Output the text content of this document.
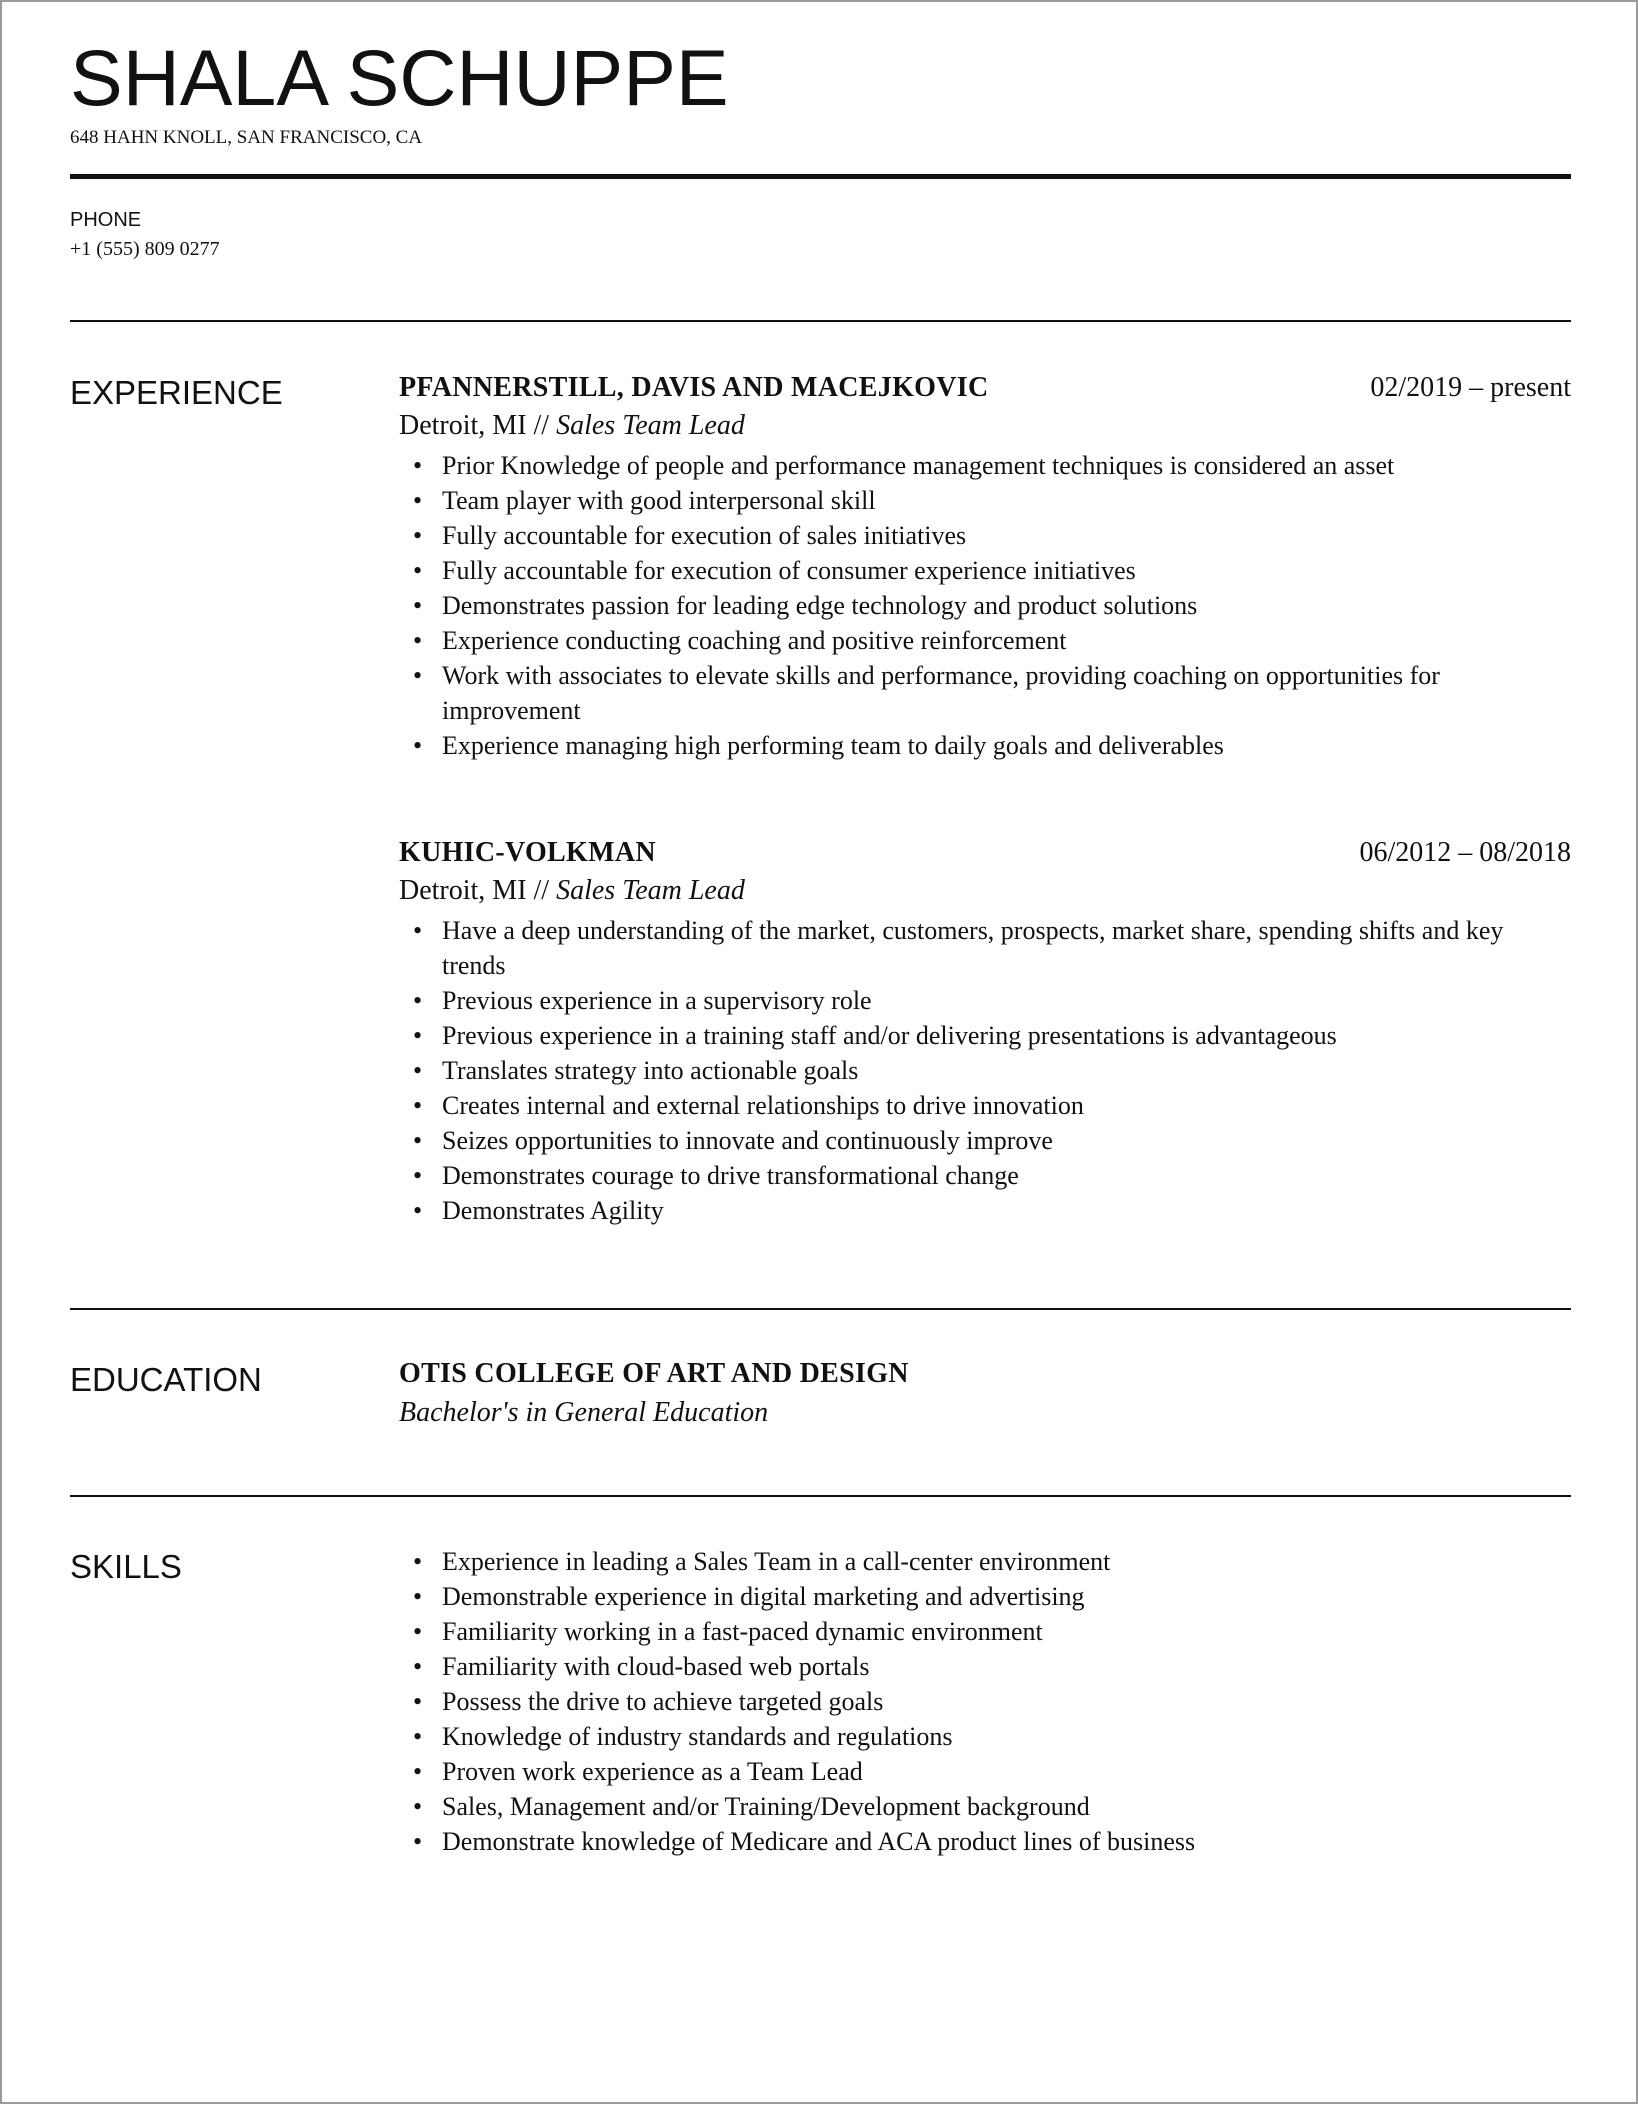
SHALA SCHUPPE
648 HAHN KNOLL, SAN FRANCISCO, CA
PHONE
+1 (555) 809 0277
EXPERIENCE	PFANNERSTILL, DAVIS AND MACEJKOVIC	02/2019 – present
Detroit, MI // Sales Team Lead
• Prior Knowledge of people and performance management techniques is considered an asset
• Team player with good interpersonal skill
• Fully accountable for execution of sales initiatives
• Fully accountable for execution of consumer experience initiatives
• Demonstrates passion for leading edge technology and product solutions
• Experience conducting coaching and positive reinforcement
• Work with associates to elevate skills and performance, providing coaching on opportunities for improvement
• Experience managing high performing team to daily goals and deliverables
KUHIC-VOLKMAN	06/2012 – 08/2018
Detroit, MI // Sales Team Lead
• Have a deep understanding of the market, customers, prospects, market share, spending shifts and key trends
• Previous experience in a supervisory role
• Previous experience in a training staff and/or delivering presentations is advantageous
• Translates strategy into actionable goals
• Creates internal and external relationships to drive innovation
• Seizes opportunities to innovate and continuously improve
• Demonstrates courage to drive transformational change
• Demonstrates Agility
EDUCATION	OTIS COLLEGE OF ART AND DESIGN
Bachelor's in General Education
SKILLS
•	Experience in leading a Sales Team in a call-center environment
• Demonstrable experience in digital marketing and advertising
• Familiarity working in a fast-paced dynamic environment
• Familiarity with cloud-based web portals
• Possess the drive to achieve targeted goals
• Knowledge of industry standards and regulations
• Proven work experience as a Team Lead
• Sales, Management and/or Training/Development background
• Demonstrate knowledge of Medicare and ACA product lines of business
